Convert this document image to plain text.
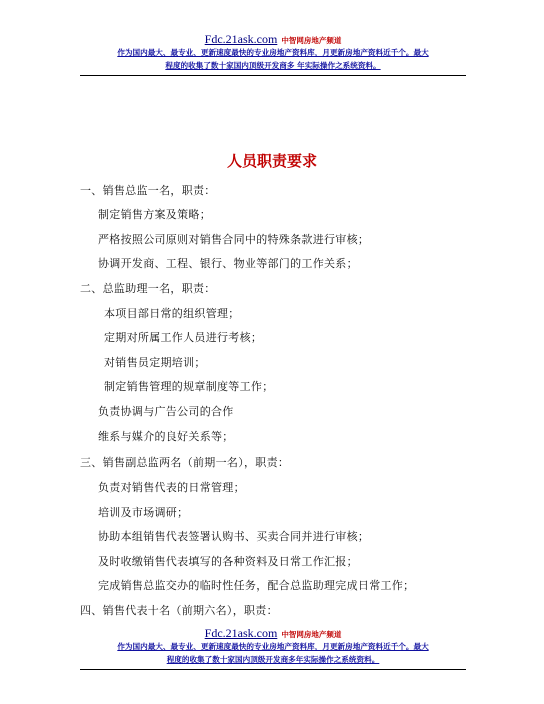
Fdc.21ask.com 中智网房地产频道
作为国内最大、最专业、更新速度最快的专业房地产资料库，月更新房地产资料近千个。最大
程度的收集了数十家国内顶级开发商多 年实际操作之系统资料。
人员职责要求
一、销售总监一名，职责：
制定销售方案及策略；
严格按照公司原则对销售合同中的特殊条款进行审核；
协调开发商、工程、银行、物业等部门的工作关系；
二、总监助理一名，职责：
本项目部日常的组织管理；
定期对所属工作人员进行考核；
对销售员定期培训；
制定销售管理的规章制度等工作；
负责协调与广告公司的合作
维系与媒介的良好关系等；
三、销售副总监两名（前期一名），职责：
负责对销售代表的日常管理；
培训及市场调研；
协助本组销售代表签署认购书、买卖合同并进行审核；
及时收缴销售代表填写的各种资料及日常工作汇报；
完成销售总监交办的临时性任务，配合总监助理完成日常工作；
四、销售代表十名（前期六名），职责：
Fdc.21ask.com 中智网房地产频道
作为国内最大、最专业、更新速度最快的专业房地产资料库，月更新房地产资料近千个。最大
程度的收集了数十家国内顶级开发商多年实际操作之系统资料。
